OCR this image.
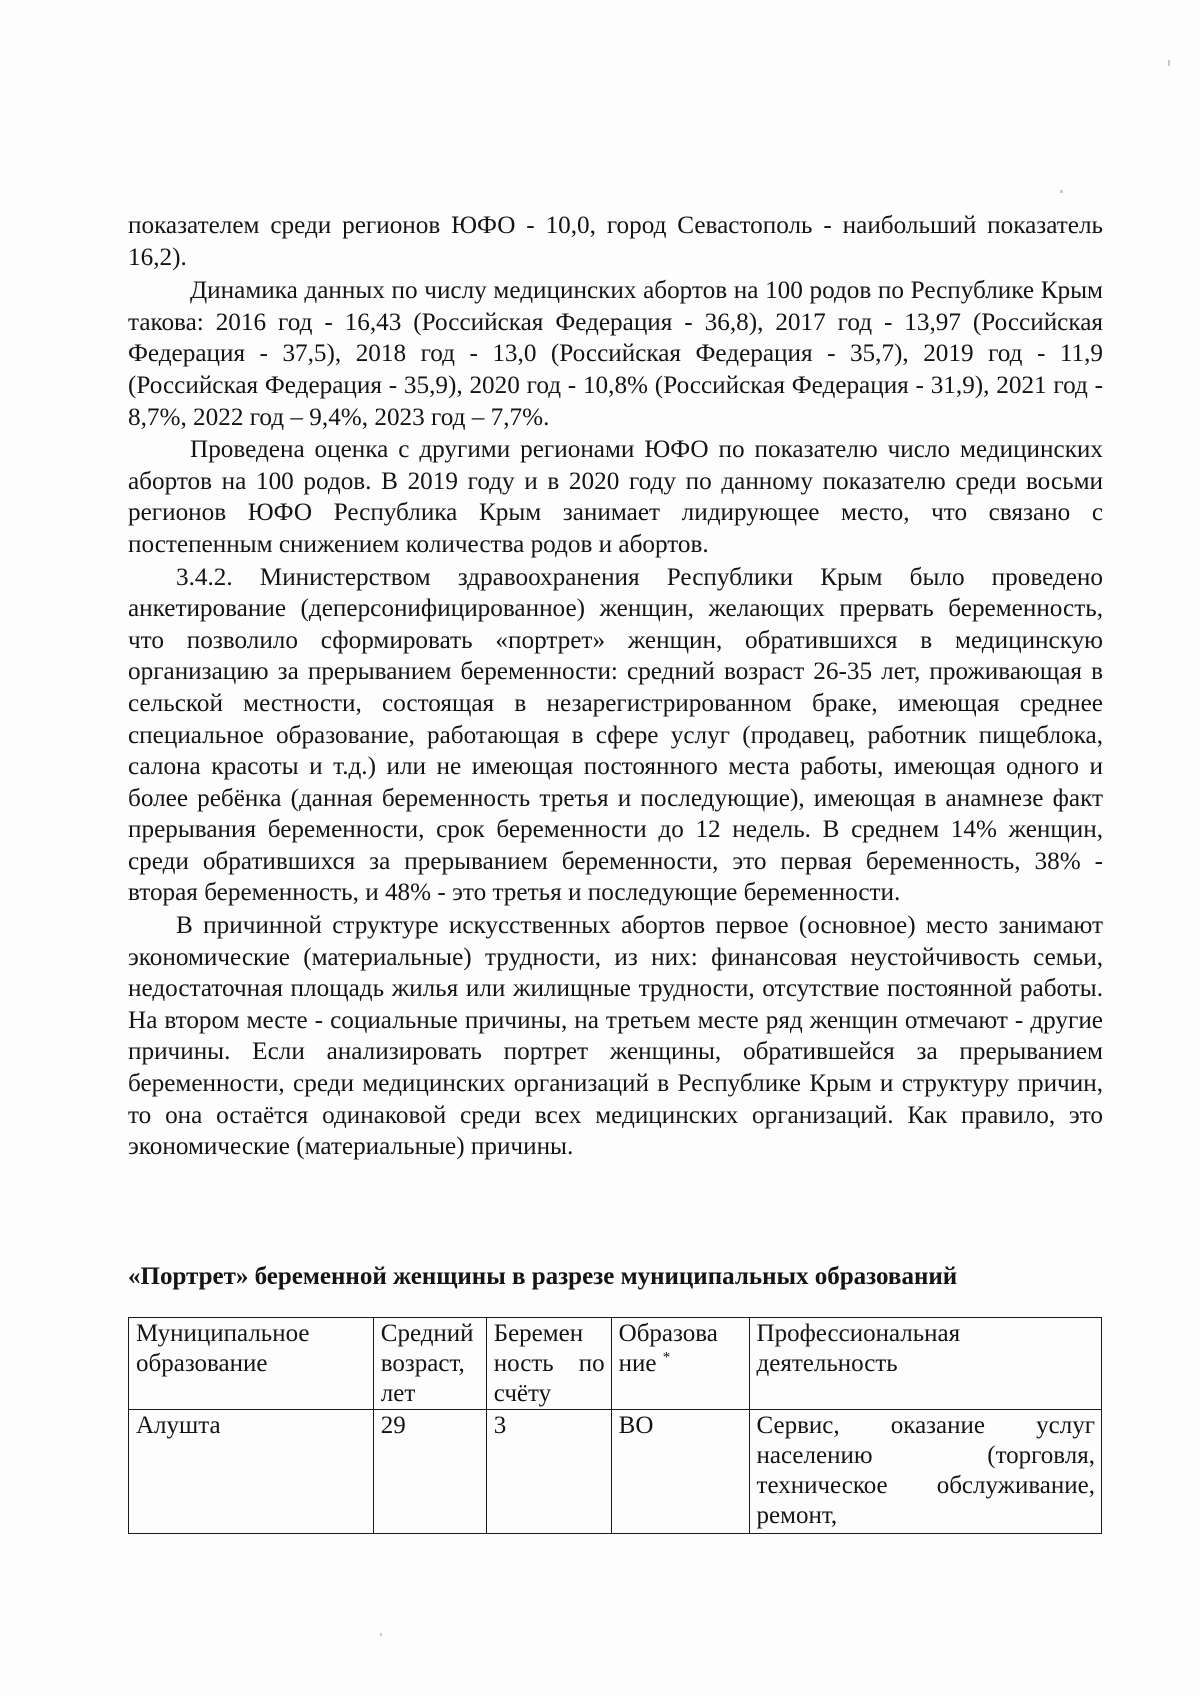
показателем среди регионов ЮФО - 10,0, город Севастополь - наибольший показатель 16,2).

Динамика данных по числу медицинских абортов на 100 родов по Республике Крым такова: 2016 год - 16,43 (Российская Федерация - 36,8), 2017 год - 13,97 (Российская Федерация - 37,5), 2018 год - 13,0 (Российская Федерация - 35,7), 2019 год - 11,9 (Российская Федерация - 35,9), 2020 год - 10,8% (Российская Федерация - 31,9), 2021 год - 8,7%, 2022 год – 9,4%, 2023 год – 7,7%.

Проведена оценка с другими регионами ЮФО по показателю число медицинских абортов на 100 родов. В 2019 году и в 2020 году по данному показателю среди восьми регионов ЮФО Республика Крым занимает лидирующее место, что связано с постепенным снижением количества родов и абортов.

3.4.2. Министерством здравоохранения Республики Крым было проведено анкетирование (деперсонифицированное) женщин, желающих прервать беременность, что позволило сформировать «портрет» женщин, обратившихся в медицинскую организацию за прерыванием беременности: средний возраст 26-35 лет, проживающая в сельской местности, состоящая в незарегистрированном браке, имеющая среднее специальное образование, работающая в сфере услуг (продавец, работник пищеблока, салона красоты и т.д.) или не имеющая постоянного места работы, имеющая одного и более ребёнка (данная беременность третья и последующие), имеющая в анамнезе факт прерывания беременности, срок беременности до 12 недель. В среднем 14% женщин, среди обратившихся за прерыванием беременности, это первая беременность, 38% - вторая беременность, и 48% - это третья и последующие беременности.

В причинной структуре искусственных абортов первое (основное) место занимают экономические (материальные) трудности, из них: финансовая неустойчивость семьи, недостаточная площадь жилья или жилищные трудности, отсутствие постоянной работы. На втором месте - социальные причины, на третьем месте ряд женщин отмечают - другие причины. Если анализировать портрет женщины, обратившейся за прерыванием беременности, среди медицинских организаций в Республике Крым и структуру причин, то она остаётся одинаковой среди всех медицинских организаций. Как правило, это экономические (материальные) причины.

«Портрет» беременной женщины в разрезе муниципальных образований
Муниципальное образование	Средний возраст, лет	Беремен ность по счёту	Образова ние *	Профессиональная деятельность
Алушта	29	3	ВО	Сервис, оказание услуг населению (торговля, техническое обслуживание, ремонт,
